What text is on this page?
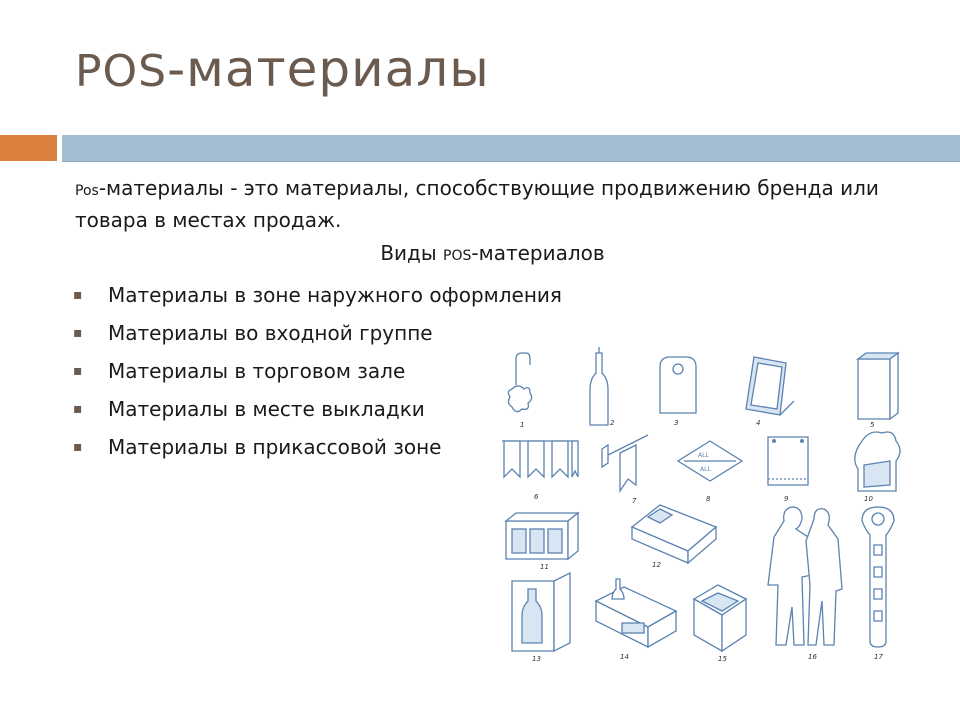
POS-материалы
Pos-материалы - это материалы, способствующие продвижению бренда или товара в местах продаж.
Виды POS-материалов
▪ Материалы в зоне наружного оформления
▪ Материалы во входной группе
▪ Материалы в торговом зале
▪ Материалы в месте выкладки
▪ Материалы в прикассовой зоне
1	2	3	4	5
6	7
ALL
ALL
8	9	10
11	12
13	14	15	16	17
